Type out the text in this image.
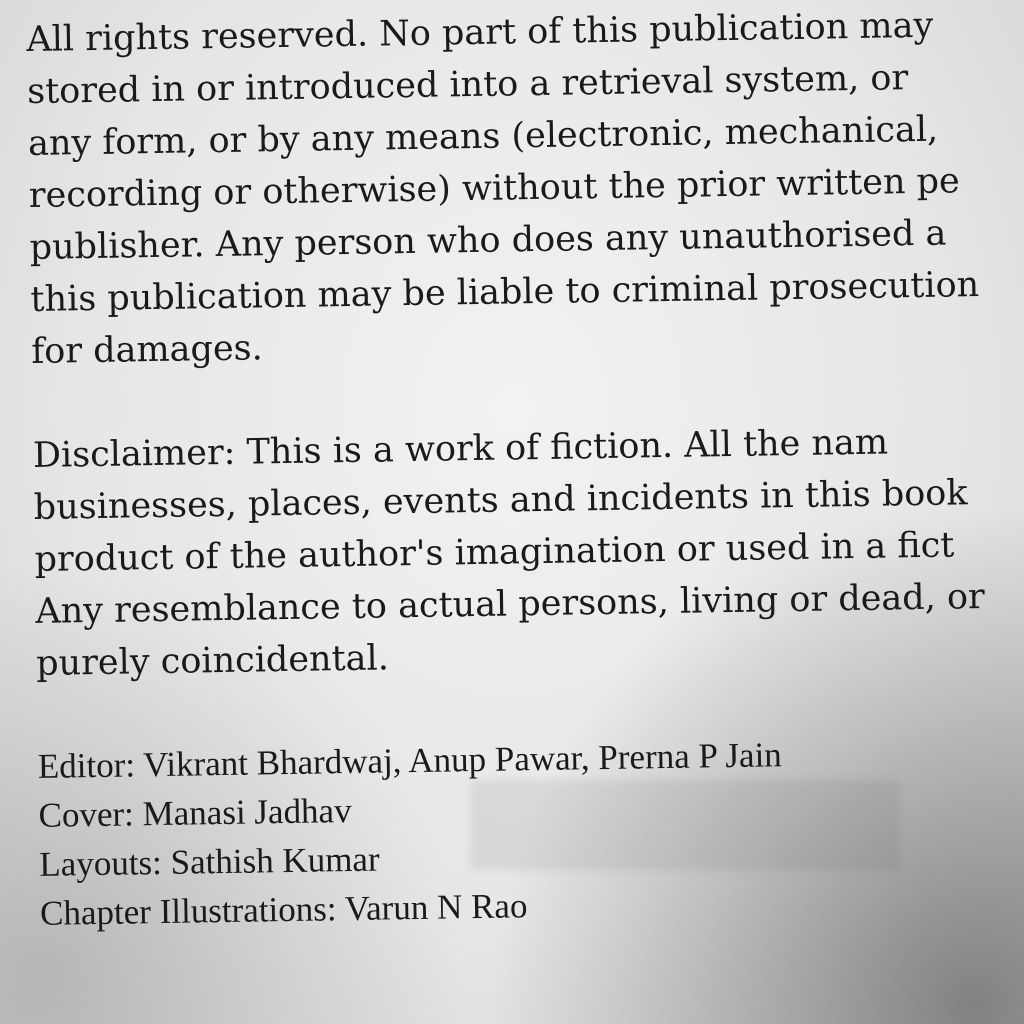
All rights reserved. No part of this publication may
stored in or introduced into a retrieval system, or
any form, or by any means (electronic, mechanical,
recording or otherwise) without the prior written pe
publisher. Any person who does any unauthorised a
this publication may be liable to criminal prosecution
for damages.
Disclaimer: This is a work of fiction. All the nam
businesses, places, events and incidents in this book
product of the author's imagination or used in a fict
Any resemblance to actual persons, living or dead, or
purely coincidental.
Editor: Vikrant Bhardwaj, Anup Pawar, Prerna P Jain
Cover: Manasi Jadhav
Layouts: Sathish Kumar
Chapter Illustrations: Varun N Rao
